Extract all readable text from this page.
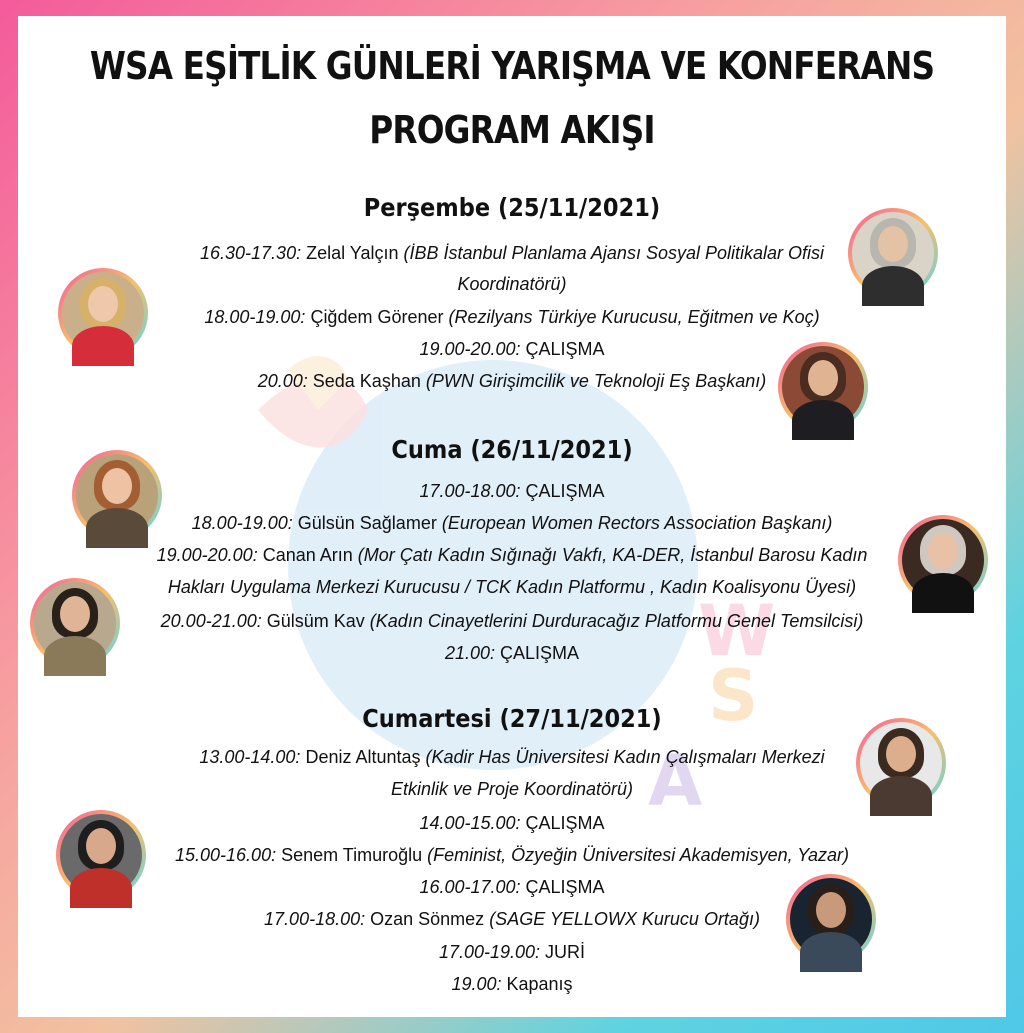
W
S
A
WSA EŞİTLİK GÜNLERİ YARIŞMA VE KONFERANS
PROGRAM AKIŞI
Perşembe (25/11/2021)
16.30-17.30: Zelal Yalçın (İBB İstanbul Planlama Ajansı Sosyal Politikalar Ofisi
Koordinatörü)
18.00-19.00: Çiğdem Görener (Rezilyans Türkiye Kurucusu, Eğitmen ve Koç)
19.00-20.00: ÇALIŞMA
20.00: Seda Kaşhan (PWN Girişimcilik ve Teknoloji Eş Başkanı)
Cuma (26/11/2021)
17.00-18.00: ÇALIŞMA
18.00-19.00: Gülsün Sağlamer (European Women Rectors Association Başkanı)
19.00-20.00: Canan Arın (Mor Çatı Kadın Sığınağı Vakfı, KA-DER, İstanbul Barosu Kadın
Hakları Uygulama Merkezi Kurucusu / TCK Kadın Platformu , Kadın Koalisyonu Üyesi)
20.00-21.00: Gülsüm Kav (Kadın Cinayetlerini Durduracağız Platformu Genel Temsilcisi)
21.00: ÇALIŞMA
Cumartesi (27/11/2021)
13.00-14.00: Deniz Altuntaş (Kadir Has Üniversitesi Kadın Çalışmaları Merkezi
Etkinlik ve Proje Koordinatörü)
14.00-15.00: ÇALIŞMA
15.00-16.00: Senem Timuroğlu (Feminist, Özyeğin Üniversitesi Akademisyen, Yazar)
16.00-17.00: ÇALIŞMA
17.00-18.00: Ozan Sönmez (SAGE YELLOWX Kurucu Ortağı)
17.00-19.00: JURİ
19.00: Kapanış
